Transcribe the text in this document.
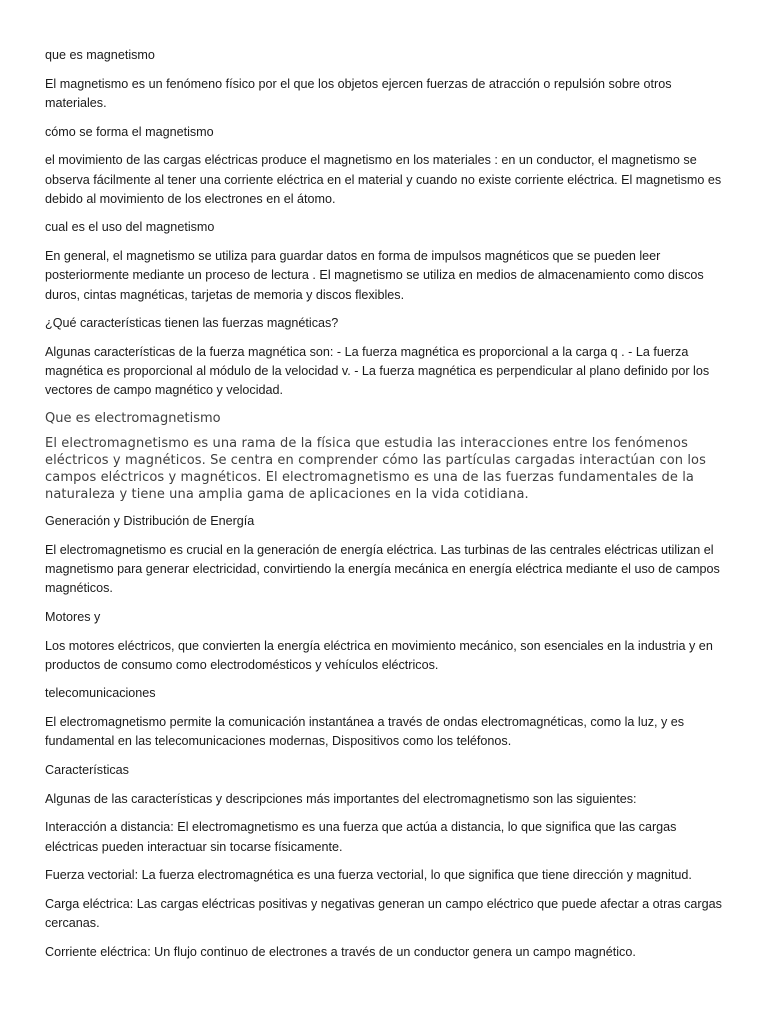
que es magnetismo

El magnetismo es un fenómeno físico por el que los objetos ejercen fuerzas de atracción o repulsión sobre otros materiales.

cómo se forma el magnetismo

el movimiento de las cargas eléctricas produce el magnetismo en los materiales : en un conductor, el magnetismo se observa fácilmente al tener una corriente eléctrica en el material y cuando no existe corriente eléctrica. El magnetismo es debido al movimiento de los electrones en el átomo.

cual es el uso del magnetismo

En general, el magnetismo se utiliza para guardar datos en forma de impulsos magnéticos que se pueden leer posteriormente mediante un proceso de lectura . El magnetismo se utiliza en medios de almacenamiento como discos duros, cintas magnéticas, tarjetas de memoria y discos flexibles.

¿Qué características tienen las fuerzas magnéticas?

Algunas características de la fuerza magnética son: - La fuerza magnética es proporcional a la carga q . - La fuerza magnética es proporcional al módulo de la velocidad v. - La fuerza magnética es perpendicular al plano definido por los vectores de campo magnético y velocidad.

Que es electromagnetismo

El electromagnetismo es una rama de la física que estudia las interacciones entre los fenómenos eléctricos y magnéticos. Se centra en comprender cómo las partículas cargadas interactúan con los campos eléctricos y magnéticos. El electromagnetismo es una de las fuerzas fundamentales de la naturaleza y tiene una amplia gama de aplicaciones en la vida cotidiana.

Generación y Distribución de Energía

El electromagnetismo es crucial en la generación de energía eléctrica. Las turbinas de las centrales eléctricas utilizan el magnetismo para generar electricidad, convirtiendo la energía mecánica en energía eléctrica mediante el uso de campos magnéticos.

Motores y

Los motores eléctricos, que convierten la energía eléctrica en movimiento mecánico, son esenciales en la industria y en productos de consumo como electrodomésticos y vehículos eléctricos.

telecomunicaciones

El electromagnetismo permite la comunicación instantánea a través de ondas electromagnéticas, como la luz, y es fundamental en las telecomunicaciones modernas, Dispositivos como los teléfonos.

Características

Algunas de las características y descripciones más importantes del electromagnetismo son las siguientes:

Interacción a distancia: El electromagnetismo es una fuerza que actúa a distancia, lo que significa que las cargas eléctricas pueden interactuar sin tocarse físicamente.

Fuerza vectorial: La fuerza electromagnética es una fuerza vectorial, lo que significa que tiene dirección y magnitud.

Carga eléctrica: Las cargas eléctricas positivas y negativas generan un campo eléctrico que puede afectar a otras cargas cercanas.

Corriente eléctrica: Un flujo continuo de electrones a través de un conductor genera un campo magnético.
